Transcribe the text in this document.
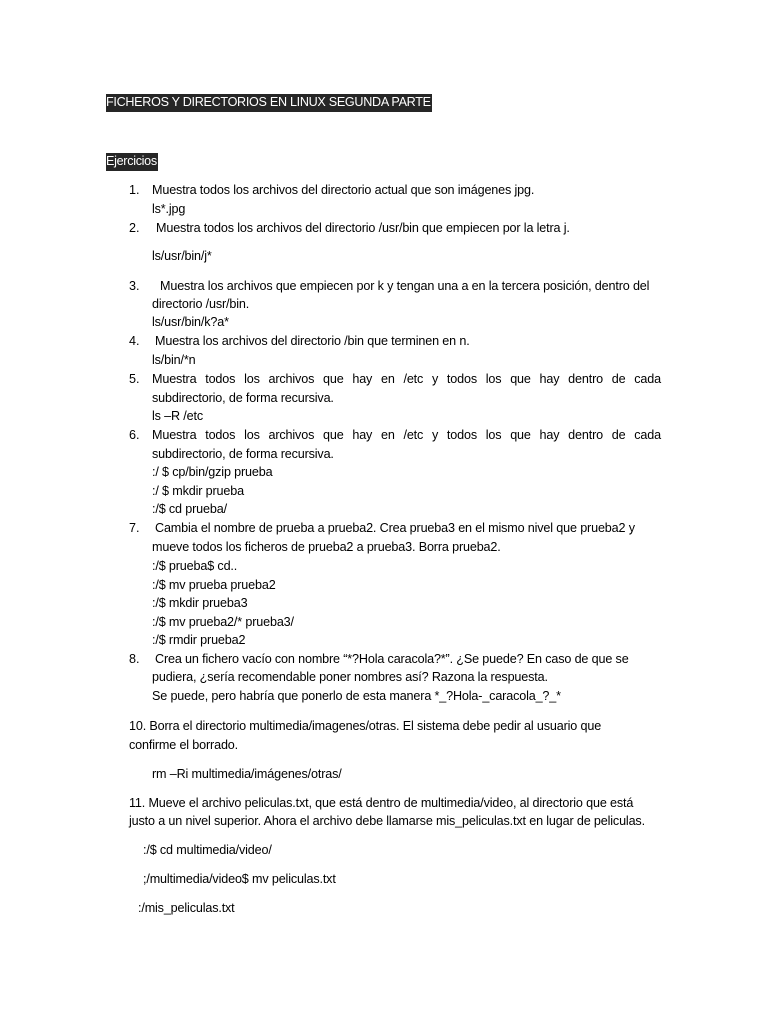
FICHEROS Y DIRECTORIOS EN LINUX SEGUNDA PARTE
Ejercicios
1. Muestra todos los archivos del directorio actual que son imágenes jpg.
ls*.jpg
2. Muestra todos los archivos del directorio /usr/bin que empiecen por la letra j.
ls/usr/bin/j*
3. Muestra los archivos que empiecen por k y tengan una a en la tercera posición, dentro del
directorio /usr/bin.
ls/usr/bin/k?a*
4. Muestra los archivos del directorio /bin que terminen en n.
ls/bin/*n
5. Muestra todos los archivos que hay en /etc y todos los que hay dentro de cada
subdirectorio, de forma recursiva.
ls –R /etc
6. Muestra todos los archivos que hay en /etc y todos los que hay dentro de cada
subdirectorio, de forma recursiva.
:/ $ cp/bin/gzip prueba
:/ $ mkdir prueba
:/$ cd prueba/
7. Cambia el nombre de prueba a prueba2. Crea prueba3 en el mismo nivel que prueba2 y
mueve todos los ficheros de prueba2 a prueba3. Borra prueba2.
:/$ prueba$ cd..
:/$ mv prueba prueba2
:/$ mkdir prueba3
:/$ mv prueba2/* prueba3/
:/$ rmdir prueba2
8. Crea un fichero vacío con nombre “*?Hola caracola?*”. ¿Se puede? En caso de que se
pudiera, ¿sería recomendable poner nombres así? Razona la respuesta.
Se puede, pero habría que ponerlo de esta manera *_?Hola-_caracola_?_*
10. Borra el directorio multimedia/imagenes/otras. El sistema debe pedir al usuario que
confirme el borrado.
rm –Ri multimedia/imágenes/otras/
11. Mueve el archivo peliculas.txt, que está dentro de multimedia/video, al directorio que está
justo a un nivel superior. Ahora el archivo debe llamarse mis_peliculas.txt en lugar de peliculas.
:/$ cd multimedia/video/
;/multimedia/video$ mv peliculas.txt
:/mis_peliculas.txt
